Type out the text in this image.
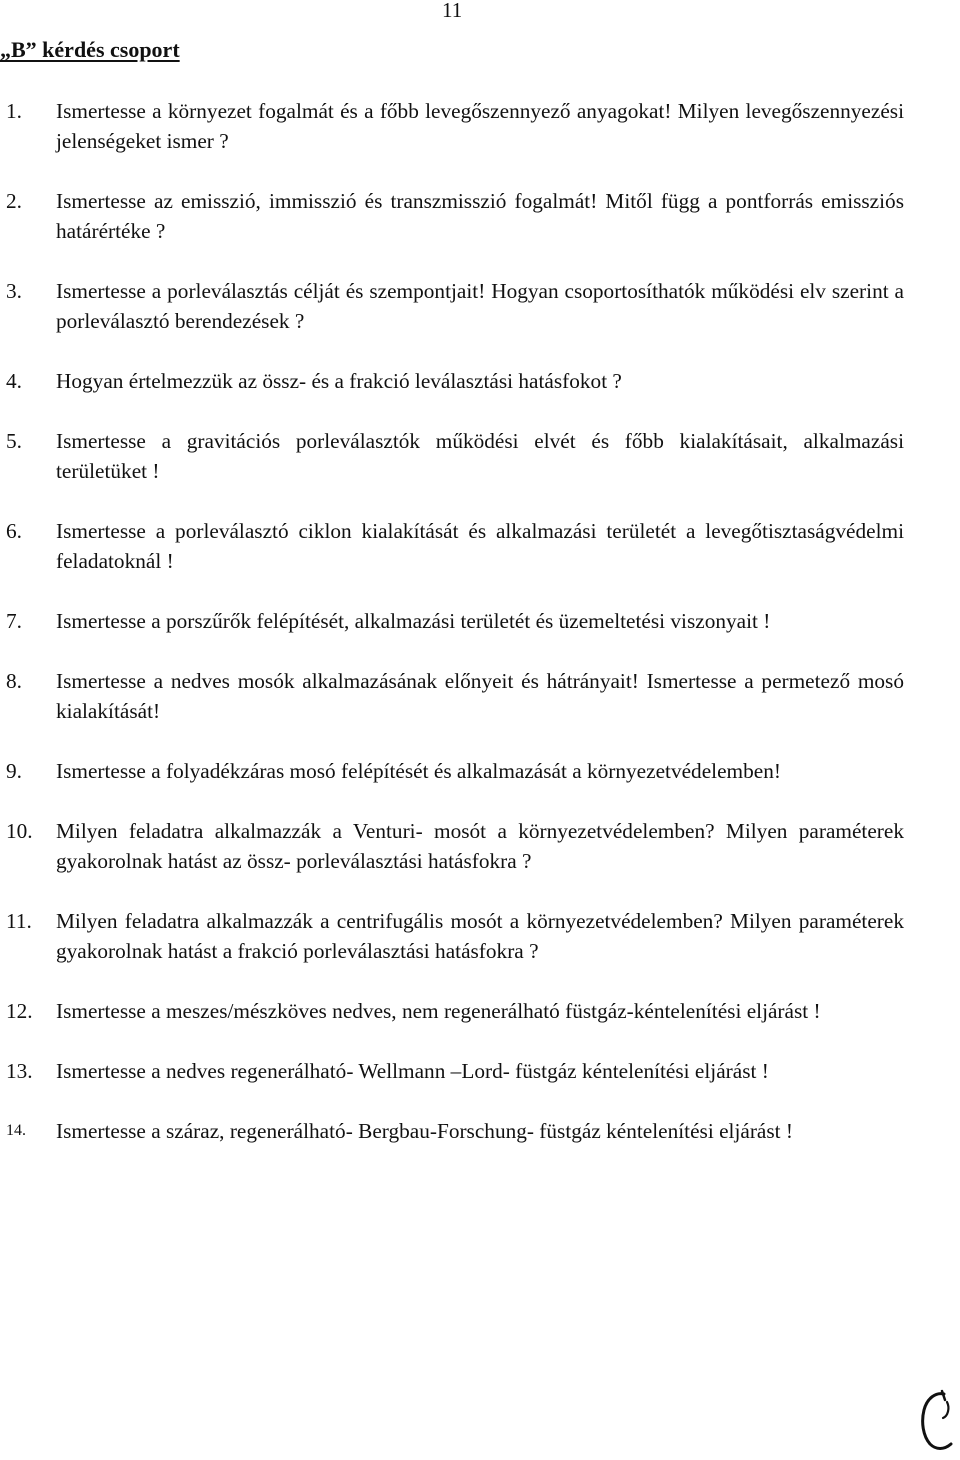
11
„B” kérdés csoport
1. Ismertesse a környezet fogalmát és a főbb levegőszennyező anyagokat! Milyen levegőszennyezési jelenségeket ismer ?
2. Ismertesse az emisszió, immisszió és transzmisszió fogalmát! Mitől függ a pontforrás emissziós határértéke ?
3. Ismertesse a porleválasztás célját és szempontjait! Hogyan csoportosíthatók működési elv szerint a porleválasztó berendezések ?
4. Hogyan értelmezzük az össz- és a frakció leválasztási hatásfokot ?
5. Ismertesse a gravitációs porleválasztók működési elvét és főbb kialakításait, alkalmazási területüket !
6. Ismertesse a porleválasztó ciklon kialakítását és alkalmazási területét a levegőtisztaságvédelmi feladatoknál !
7. Ismertesse a porszűrők felépítését, alkalmazási területét és üzemeltetési viszonyait !
8. Ismertesse a nedves mosók alkalmazásának előnyeit és hátrányait! Ismertesse a permetező mosó kialakítását!
9. Ismertesse a folyadékzáras mosó felépítését és alkalmazását a környezetvédelemben!
10. Milyen feladatra alkalmazzák a Venturi- mosót a környezetvédelemben? Milyen paraméterek gyakorolnak hatást az össz- porleválasztási hatásfokra ?
11. Milyen feladatra alkalmazzák a centrifugális mosót a környezetvédelemben? Milyen paraméterek gyakorolnak hatást a frakció porleválasztási hatásfokra ?
12. Ismertesse a meszes/mészköves nedves, nem regenerálható füstgáz-kéntelenítési eljárást !
13. Ismertesse a nedves regenerálható- Wellmann –Lord- füstgáz kéntelenítési eljárást !
14. Ismertesse a száraz, regenerálható- Bergbau-Forschung- füstgáz kéntelenítési eljárást !
